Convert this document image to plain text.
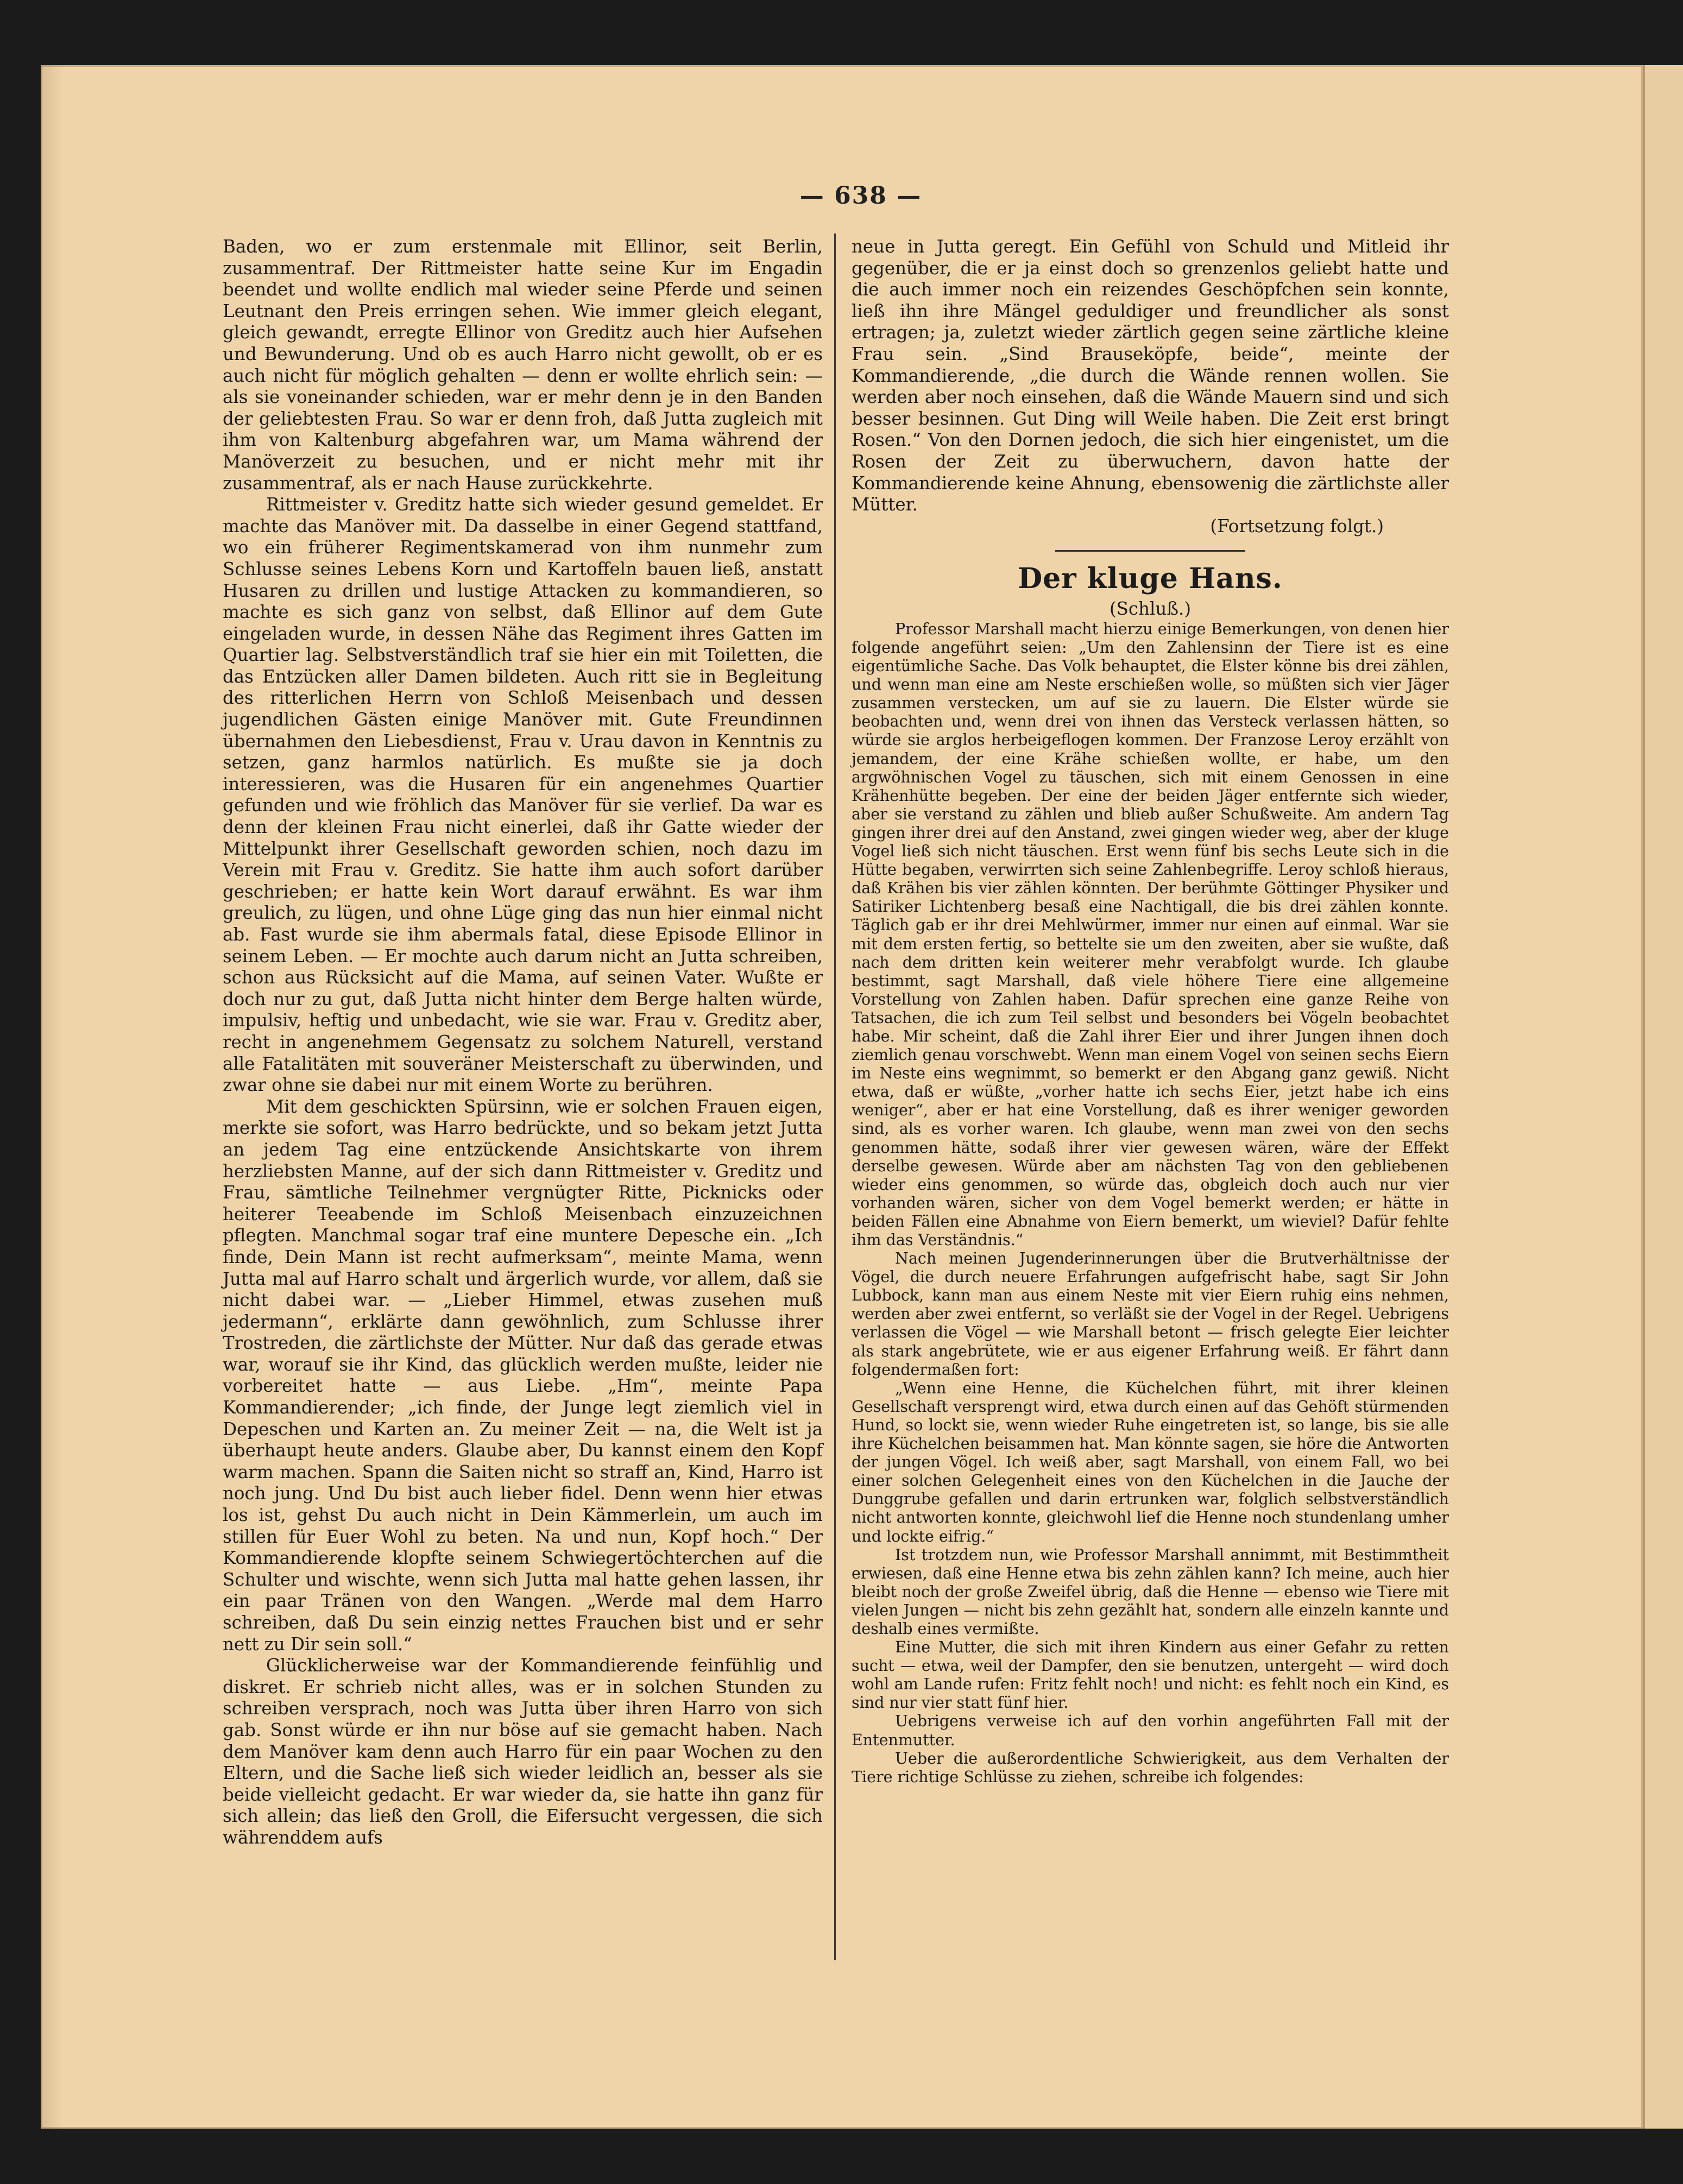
— 638 —

Baden, wo er zum erstenmale mit Ellinor, seit Berlin, zusammentraf. Der Rittmeister hatte seine Kur im Engadin beendet und wollte endlich mal wieder seine Pferde und seinen Leutnant den Preis erringen sehen. Wie immer gleich elegant, gleich gewandt, erregte Ellinor von Greditz auch hier Aufsehen und Bewunderung. Und ob es auch Harro nicht gewollt, ob er es auch nicht für möglich gehalten — denn er wollte ehrlich sein: — als sie voneinander schieden, war er mehr denn je in den Banden der geliebtesten Frau. So war er denn froh, daß Jutta zugleich mit ihm von Kaltenburg abgefahren war, um Mama während der Manöverzeit zu besuchen, und er nicht mehr mit ihr zusammentraf, als er nach Hause zurückkehrte.

Rittmeister v. Greditz hatte sich wieder gesund gemeldet. Er machte das Manöver mit. Da dasselbe in einer Gegend stattfand, wo ein früherer Regimentskamerad von ihm nunmehr zum Schlusse seines Lebens Korn und Kartoffeln bauen ließ, anstatt Husaren zu drillen und lustige Attacken zu kommandieren, so machte es sich ganz von selbst, daß Ellinor auf dem Gute eingeladen wurde, in dessen Nähe das Regiment ihres Gatten im Quartier lag. Selbstverständlich traf sie hier ein mit Toiletten, die das Entzücken aller Damen bildeten. Auch ritt sie in Begleitung des ritterlichen Herrn von Schloß Meisenbach und dessen jugendlichen Gästen einige Manöver mit. Gute Freundinnen übernahmen den Liebesdienst, Frau v. Urau davon in Kenntnis zu setzen, ganz harmlos natürlich. Es mußte sie ja doch interessieren, was die Husaren für ein angenehmes Quartier gefunden und wie fröhlich das Manöver für sie verlief. Da war es denn der kleinen Frau nicht einerlei, daß ihr Gatte wieder der Mittelpunkt ihrer Gesellschaft geworden schien, noch dazu im Verein mit Frau v. Greditz. Sie hatte ihm auch sofort darüber geschrieben; er hatte kein Wort darauf erwähnt. Es war ihm greulich, zu lügen, und ohne Lüge ging das nun hier einmal nicht ab. Fast wurde sie ihm abermals fatal, diese Episode Ellinor in seinem Leben. — Er mochte auch darum nicht an Jutta schreiben, schon aus Rücksicht auf die Mama, auf seinen Vater. Wußte er doch nur zu gut, daß Jutta nicht hinter dem Berge halten würde, impulsiv, heftig und unbedacht, wie sie war. Frau v. Greditz aber, recht in angenehmem Gegensatz zu solchem Naturell, verstand alle Fatalitäten mit souveräner Meisterschaft zu überwinden, und zwar ohne sie dabei nur mit einem Worte zu berühren.

Mit dem geschickten Spürsinn, wie er solchen Frauen eigen, merkte sie sofort, was Harro bedrückte, und so bekam jetzt Jutta an jedem Tag eine entzückende Ansichtskarte von ihrem herzliebsten Manne, auf der sich dann Rittmeister v. Greditz und Frau, sämtliche Teilnehmer vergnügter Ritte, Picknicks oder heiterer Teeabende im Schloß Meisenbach einzuzeichnen pflegten. Manchmal sogar traf eine muntere Depesche ein. „Ich finde, Dein Mann ist recht aufmerksam“, meinte Mama, wenn Jutta mal auf Harro schalt und ärgerlich wurde, vor allem, daß sie nicht dabei war. — „Lieber Himmel, etwas zusehen muß jedermann“, erklärte dann gewöhnlich, zum Schlusse ihrer Trostreden, die zärtlichste der Mütter. Nur daß das gerade etwas war, worauf sie ihr Kind, das glücklich werden mußte, leider nie vorbereitet hatte — aus Liebe. „Hm“, meinte Papa Kommandierender; „ich finde, der Junge legt ziemlich viel in Depeschen und Karten an. Zu meiner Zeit — na, die Welt ist ja überhaupt heute anders. Glaube aber, Du kannst einem den Kopf warm machen. Spann die Saiten nicht so straff an, Kind, Harro ist noch jung. Und Du bist auch lieber fidel. Denn wenn hier etwas los ist, gehst Du auch nicht in Dein Kämmerlein, um auch im stillen für Euer Wohl zu beten. Na und nun, Kopf hoch.“ Der Kommandierende klopfte seinem Schwiegertöchterchen auf die Schulter und wischte, wenn sich Jutta mal hatte gehen lassen, ihr ein paar Tränen von den Wangen. „Werde mal dem Harro schreiben, daß Du sein einzig nettes Frauchen bist und er sehr nett zu Dir sein soll.“

Glücklicherweise war der Kommandierende feinfühlig und diskret. Er schrieb nicht alles, was er in solchen Stunden zu schreiben versprach, noch was Jutta über ihren Harro von sich gab. Sonst würde er ihn nur böse auf sie gemacht haben. Nach dem Manöver kam denn auch Harro für ein paar Wochen zu den Eltern, und die Sache ließ sich wieder leidlich an, besser als sie beide vielleicht gedacht. Er war wieder da, sie hatte ihn ganz für sich allein; das ließ den Groll, die Eifersucht vergessen, die sich währenddem aufs

neue in Jutta geregt. Ein Gefühl von Schuld und Mitleid ihr gegenüber, die er ja einst doch so grenzenlos geliebt hatte und die auch immer noch ein reizendes Geschöpfchen sein konnte, ließ ihn ihre Mängel geduldiger und freundlicher als sonst ertragen; ja, zuletzt wieder zärtlich gegen seine zärtliche kleine Frau sein. „Sind Brauseköpfe, beide“, meinte der Kommandierende, „die durch die Wände rennen wollen. Sie werden aber noch einsehen, daß die Wände Mauern sind und sich besser besinnen. Gut Ding will Weile haben. Die Zeit erst bringt Rosen.“ Von den Dornen jedoch, die sich hier eingenistet, um die Rosen der Zeit zu überwuchern, davon hatte der Kommandierende keine Ahnung, ebensowenig die zärtlichste aller Mütter.

(Fortsetzung folgt.)

Der kluge Hans.

(Schluß.)

Professor Marshall macht hierzu einige Bemerkungen, von denen hier folgende angeführt seien: „Um den Zahlensinn der Tiere ist es eine eigentümliche Sache. Das Volk behauptet, die Elster könne bis drei zählen, und wenn man eine am Neste erschießen wolle, so müßten sich vier Jäger zusammen verstecken, um auf sie zu lauern. Die Elster würde sie beobachten und, wenn drei von ihnen das Versteck verlassen hätten, so würde sie arglos herbeigeflogen kommen. Der Franzose Leroy erzählt von jemandem, der eine Krähe schießen wollte, er habe, um den argwöhnischen Vogel zu täuschen, sich mit einem Genossen in eine Krähenhütte begeben. Der eine der beiden Jäger entfernte sich wieder, aber sie verstand zu zählen und blieb außer Schußweite. Am andern Tag gingen ihrer drei auf den Anstand, zwei gingen wieder weg, aber der kluge Vogel ließ sich nicht täuschen. Erst wenn fünf bis sechs Leute sich in die Hütte begaben, verwirrten sich seine Zahlenbegriffe. Leroy schloß hieraus, daß Krähen bis vier zählen könnten. Der berühmte Göttinger Physiker und Satiriker Lichtenberg besaß eine Nachtigall, die bis drei zählen konnte. Täglich gab er ihr drei Mehlwürmer, immer nur einen auf einmal. War sie mit dem ersten fertig, so bettelte sie um den zweiten, aber sie wußte, daß nach dem dritten kein weiterer mehr verabfolgt wurde. Ich glaube bestimmt, sagt Marshall, daß viele höhere Tiere eine allgemeine Vorstellung von Zahlen haben. Dafür sprechen eine ganze Reihe von Tatsachen, die ich zum Teil selbst und besonders bei Vögeln beobachtet habe. Mir scheint, daß die Zahl ihrer Eier und ihrer Jungen ihnen doch ziemlich genau vorschwebt. Wenn man einem Vogel von seinen sechs Eiern im Neste eins wegnimmt, so bemerkt er den Abgang ganz gewiß. Nicht etwa, daß er wüßte, „vorher hatte ich sechs Eier, jetzt habe ich eins weniger“, aber er hat eine Vorstellung, daß es ihrer weniger geworden sind, als es vorher waren. Ich glaube, wenn man zwei von den sechs genommen hätte, sodaß ihrer vier gewesen wären, wäre der Effekt derselbe gewesen. Würde aber am nächsten Tag von den gebliebenen wieder eins genommen, so würde das, obgleich doch auch nur vier vorhanden wären, sicher von dem Vogel bemerkt werden; er hätte in beiden Fällen eine Abnahme von Eiern bemerkt, um wieviel? Dafür fehlte ihm das Verständnis.“

Nach meinen Jugenderinnerungen über die Brutverhältnisse der Vögel, die durch neuere Erfahrungen aufgefrischt habe, sagt Sir John Lubbock, kann man aus einem Neste mit vier Eiern ruhig eins nehmen, werden aber zwei entfernt, so verläßt sie der Vogel in der Regel. Uebrigens verlassen die Vögel — wie Marshall betont — frisch gelegte Eier leichter als stark angebrütete, wie er aus eigener Erfahrung weiß. Er fährt dann folgendermaßen fort:

„Wenn eine Henne, die Küchelchen führt, mit ihrer kleinen Gesellschaft versprengt wird, etwa durch einen auf das Gehöft stürmenden Hund, so lockt sie, wenn wieder Ruhe eingetreten ist, so lange, bis sie alle ihre Küchelchen beisammen hat. Man könnte sagen, sie höre die Antworten der jungen Vögel. Ich weiß aber, sagt Marshall, von einem Fall, wo bei einer solchen Gelegenheit eines von den Küchelchen in die Jauche der Dunggrube gefallen und darin ertrunken war, folglich selbstverständlich nicht antworten konnte, gleichwohl lief die Henne noch stundenlang umher und lockte eifrig.“

Ist trotzdem nun, wie Professor Marshall annimmt, mit Bestimmtheit erwiesen, daß eine Henne etwa bis zehn zählen kann? Ich meine, auch hier bleibt noch der große Zweifel übrig, daß die Henne — ebenso wie Tiere mit vielen Jungen — nicht bis zehn gezählt hat, sondern alle einzeln kannte und deshalb eines vermißte.

Eine Mutter, die sich mit ihren Kindern aus einer Gefahr zu retten sucht — etwa, weil der Dampfer, den sie benutzen, untergeht — wird doch wohl am Lande rufen: Fritz fehlt noch! und nicht: es fehlt noch ein Kind, es sind nur vier statt fünf hier.

Uebrigens verweise ich auf den vorhin angeführten Fall mit der Entenmutter.

Ueber die außerordentliche Schwierigkeit, aus dem Verhalten der Tiere richtige Schlüsse zu ziehen, schreibe ich folgendes:
